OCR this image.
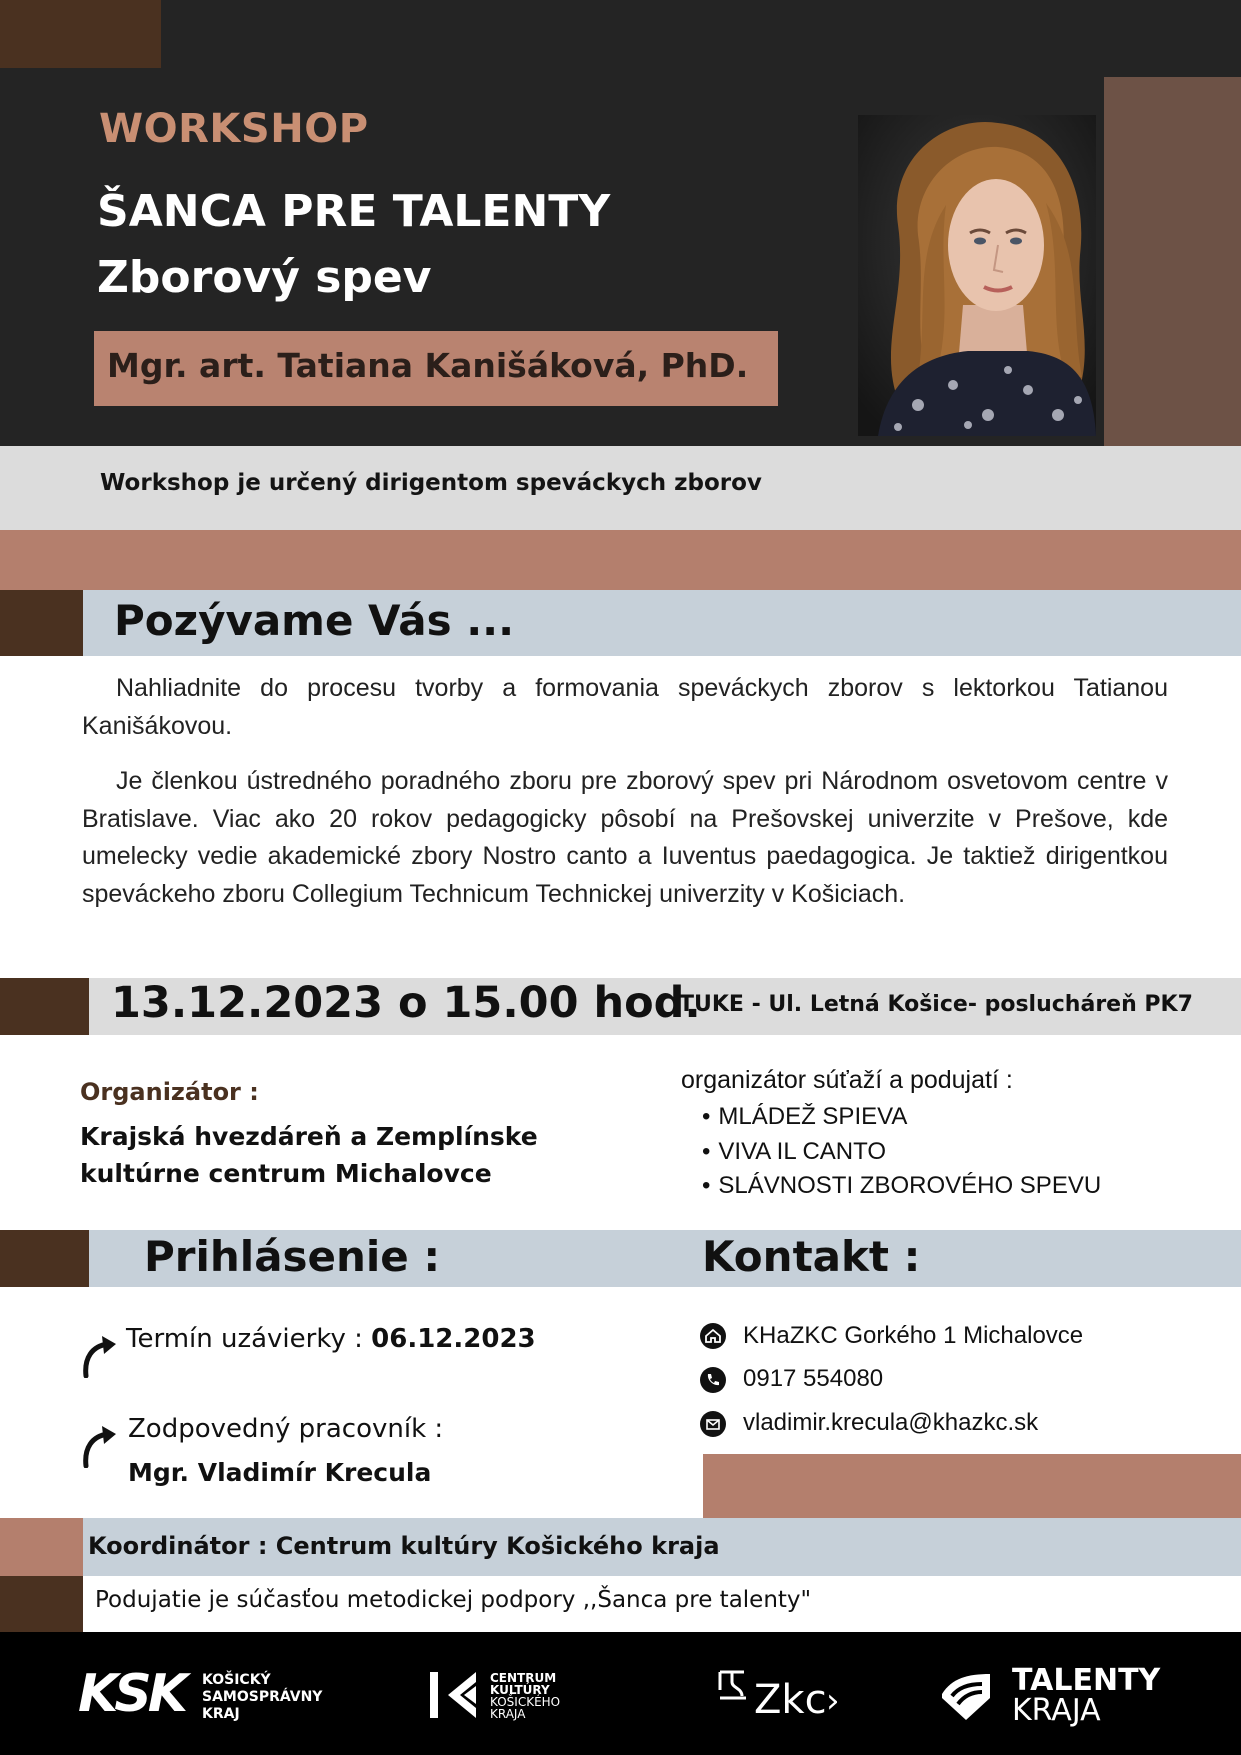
WORKSHOP
ŠANCA PRE TALENTY
Zborový spev
Mgr. art. Tatiana Kanišáková, PhD.
Workshop je určený dirigentom speváckych zborov
Pozývame Vás ...

Nahliadnite do procesu tvorby a formovania speváckych zborov s lektorkou Tatianou Kanišákovou.

Je členkou ústredného poradného zboru pre zborový spev pri Národnom osvetovom centre v Bratislave. Viac ako 20 rokov pedagogicky pôsobí na Prešovskej univerzite v Prešove, kde umelecky vedie akademické zbory Nostro canto a Iuventus paedagogica. Je taktiež dirigentkou speváckeho zboru Collegium Technicum Technickej univerzity v Košiciach.

13.12.2023 o 15.00 hod.
TUKE - Ul. Letná Košice- poslucháreň PK7
Organizátor :
Krajská hvezdáreň a Zemplínske kultúrne centrum Michalovce
organizátor súťaží a podujatí :
• MLÁDEŽ SPIEVA
• VIVA IL CANTO
• SLÁVNOSTI ZBOROVÉHO SPEVU
Prihlásenie :	Kontakt :
Termín uzávierky : 06.12.2023
Zodpovedný pracovník :
Mgr. Vladimír Krecula
KHaZKC Gorkého 1 Michalovce
0917 554080
vladimir.krecula@khazkc.sk
Koordinátor : Centrum kultúry Košického kraja
Podujatie je súčasťou metodickej podpory ,,Šanca pre talenty"
KSK KOŠICKÝ
SAMOSPRÁVNY
KRAJ
CENTRUM
KULTÚRY
KOŠICKÉHO
KRAJA	Zkc ›
TALENTY
KRAJA
